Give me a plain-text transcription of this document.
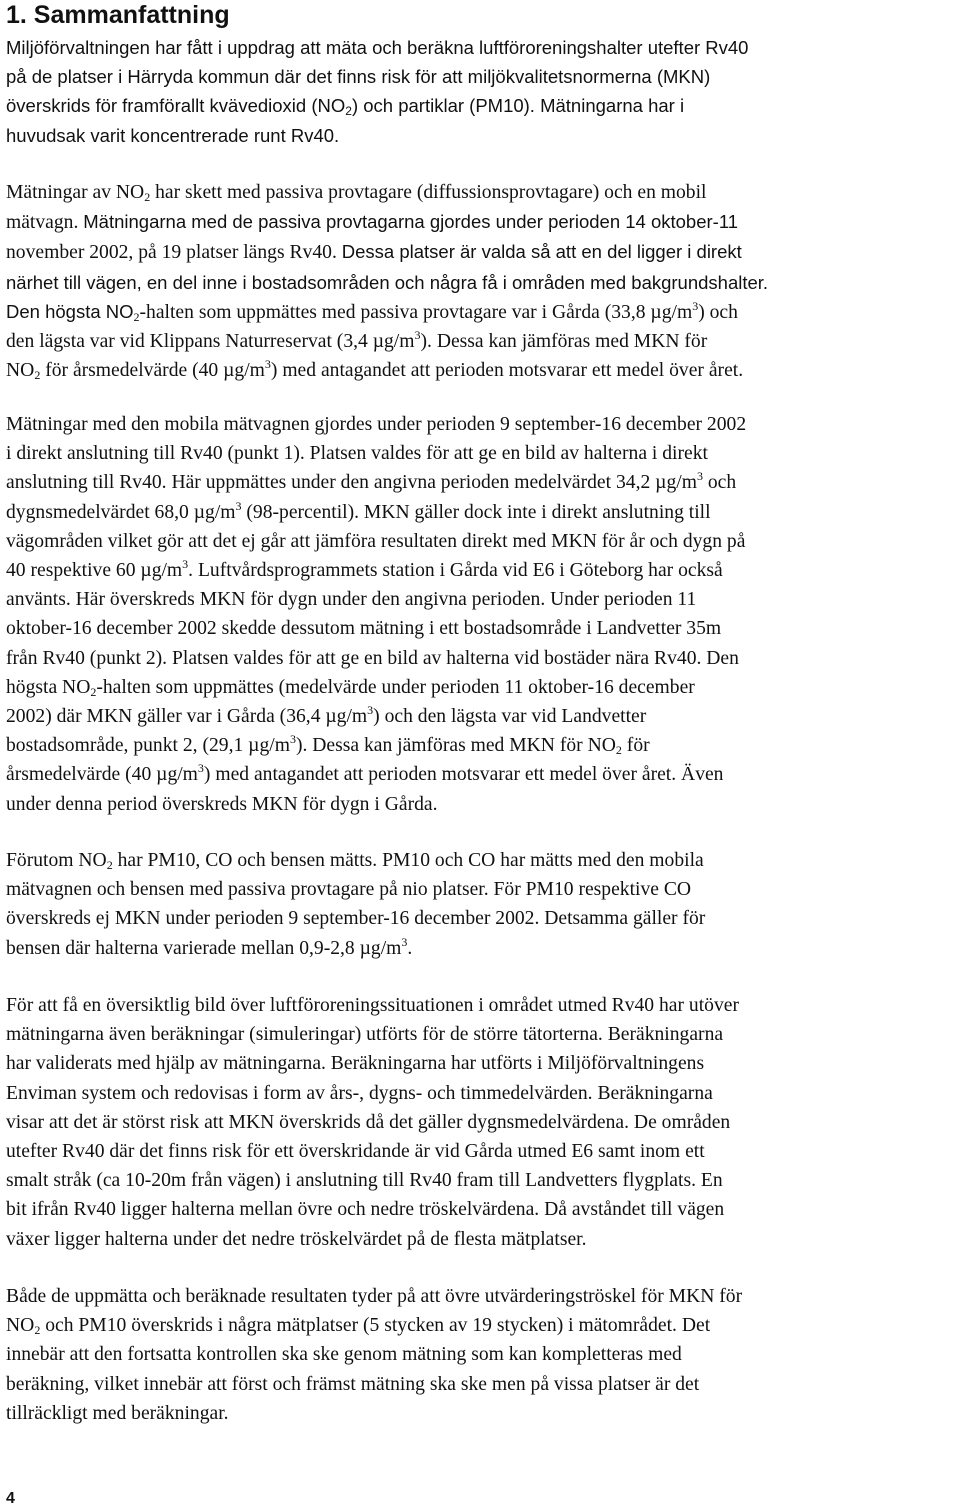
1. Sammanfattning
Miljöförvaltningen har fått i uppdrag att mäta och beräkna luftföroreningshalter utefter Rv40
på de platser i Härryda kommun där det finns risk för att miljökvalitetsnormerna (MKN)
överskrids för framförallt kvävedioxid $(NO_2)$ och partiklar (PM10). Mätningarna har i
huvudsak varit koncentrerade runt Rv40.
Mätningar av $NO_2$ har skett med passiva provtagare (diffussionsprovtagare) och en mobil
mätvagn. Mätningarna med de passiva provtagarna gjordes under perioden 14 oktober-11
november 2002, på 19 platser längs Rv40. Dessa platser är valda så att en del ligger i direkt
närhet till vägen, en del inne i bostadsområden och några få i områden med bakgrundshalter.
Den högsta $NO_2$-halten som uppmättes med passiva provtagare var i Gårda (33,8 $\mu g/m^3$) och
den lägsta var vid Klippans Naturreservat (3,4 $\mu g/m^3$). Dessa kan jämföras med MKN för
$NO_2$ för årsmedelvärde (40 $\mu g/m^3$) med antagandet att perioden motsvarar ett medel över året.
Mätningar med den mobila mätvagnen gjordes under perioden 9 september-16 december 2002
i direkt anslutning till Rv40 (punkt 1). Platsen valdes för att ge en bild av halterna i direkt
anslutning till Rv40. Här uppmättes under den angivna perioden medelvärdet 34,2 $\mu g/m^3$ och
dygnsmedelvärdet 68,0 $\mu g/m^3$ (98-percentil). MKN gäller dock inte i direkt anslutning till
vägområden vilket gör att det ej går att jämföra resultaten direkt med MKN för år och dygn på
40 respektive 60 $\mu g/m^3$. Luftvårdsprogrammets station i Gårda vid E6 i Göteborg har också
använts. Här överskreds MKN för dygn under den angivna perioden. Under perioden 11
oktober-16 december 2002 skedde dessutom mätning i ett bostadsområde i Landvetter 35m
från Rv40 (punkt 2). Platsen valdes för att ge en bild av halterna vid bostäder nära Rv40. Den
högsta $NO_2$-halten som uppmättes (medelvärde under perioden 11 oktober-16 december
2002) där MKN gäller var i Gårda (36,4 $\mu g/m^3$) och den lägsta var vid Landvetter
bostadsområde, punkt 2, (29,1 $\mu g/m^3$). Dessa kan jämföras med MKN för $NO_2$ för
årsmedelvärde (40 $\mu g/m^3$) med antagandet att perioden motsvarar ett medel över året. Även
under denna period överskreds MKN för dygn i Gårda.
Förutom $NO_2$ har PM10, CO och bensen mätts. PM10 och CO har mätts med den mobila
mätvagnen och bensen med passiva provtagare på nio platser. För PM10 respektive CO
överskreds ej MKN under perioden 9 september-16 december 2002. Detsamma gäller för
bensen där halterna varierade mellan 0,9-2,8 $\mu g/m^3$.
För att få en översiktlig bild över luftföroreningssituationen i området utmed Rv40 har utöver
mätningarna även beräkningar (simuleringar) utförts för de större tätorterna. Beräkningarna
har validerats med hjälp av mätningarna. Beräkningarna har utförts i Miljöförvaltningens
Enviman system och redovisas i form av års-, dygns- och timmedelvärden. Beräkningarna
visar att det är störst risk att MKN överskrids då det gäller dygnsmedelvärdena. De områden
utefter Rv40 där det finns risk för ett överskridande är vid Gårda utmed E6 samt inom ett
smalt stråk (ca 10-20m från vägen) i anslutning till Rv40 fram till Landvetters flygplats. En
bit ifrån Rv40 ligger halterna mellan övre och nedre tröskelvärdena. Då avståndet till vägen
växer ligger halterna under det nedre tröskelvärdet på de flesta mätplatser.
Både de uppmätta och beräknade resultaten tyder på att övre utvärderingströskel för MKN för
$NO_2$ och PM10 överskrids i några mätplatser (5 stycken av 19 stycken) i mätområdet. Det
innebär att den fortsatta kontrollen ska ske genom mätning som kan kompletteras med
beräkning, vilket innebär att först och främst mätning ska ske men på vissa platser är det
tillräckligt med beräkningar.
4
